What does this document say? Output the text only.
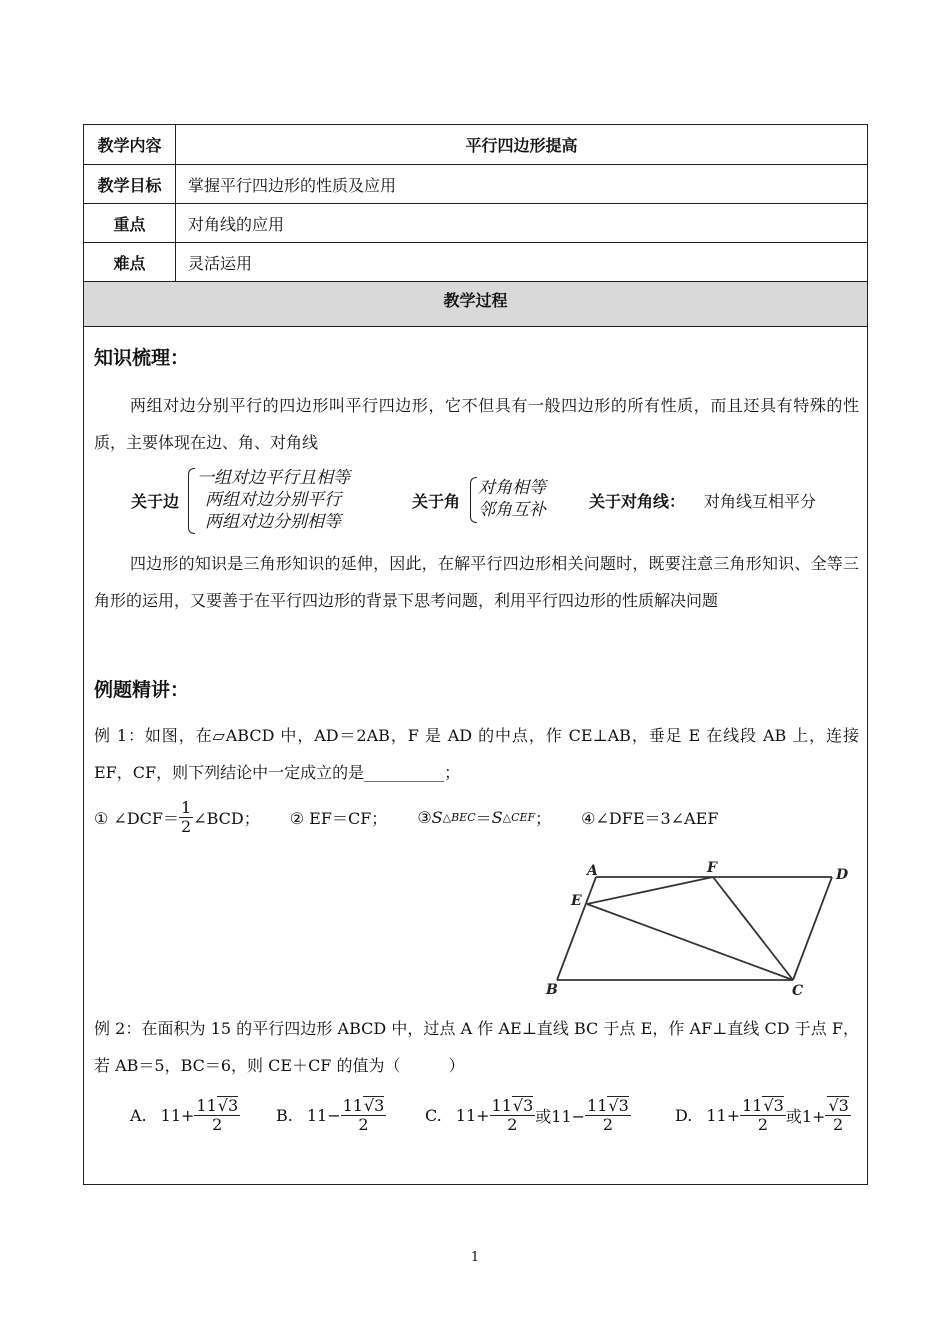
教学内容	平行四边形提高
教学目标	掌握平行四边形的性质及应用
重点	对角线的应用
难点	灵活运用
教学过程
知识梳理：
两组对边分别平行的四边形叫平行四边形，它不但具有一般四边形的所有性质，而且还具有特殊的性质，主要体现在边、角、对角线
关于边
一组对边平行且相等
两组对边分别平行
两组对边分别相等
关于角
对角相等
邻角互补	关于对角线： 对角线互相平分
四边形的知识是三角形知识的延伸，因此，在解平行四边形相关问题时，既要注意三角形知识、全等三角形的运用，又要善于在平行四边形的背景下思考问题，利用平行四边形的性质解决问题
例题精讲：
例 1：如图，在▱ABCD 中，AD＝2AB，F 是 AD 的中点，作 CE⊥AB，垂足 E 在线段 AB 上，连接 EF，CF，则下列结论中一定成立的是__________；
① ∠DCF＝ $\frac{1}{2}$ ∠BCD； ② EF＝CF； ③ S △BEC ＝ S △CEF ； ④∠DFE＝3∠AEF
A	F	D
E
B	C
例 2：在面积为 15 的平行四边形 ABCD 中，过点 A 作 AE⊥直线 BC 于点 E，作 AF⊥直线 CD 于点 F，若 AB＝5，BC＝6，则 CE＋CF 的值为（　　　）
A. $11+ \frac{11√3}{2} B$. $11- \frac{11√3}{2} C$. $11+ \frac{11√3}{2}$ 或$11- \frac{11√3}{2}$	D. $11+ \frac{11√3}{2}$ 或$1+ \frac{√3}{2}$
1
